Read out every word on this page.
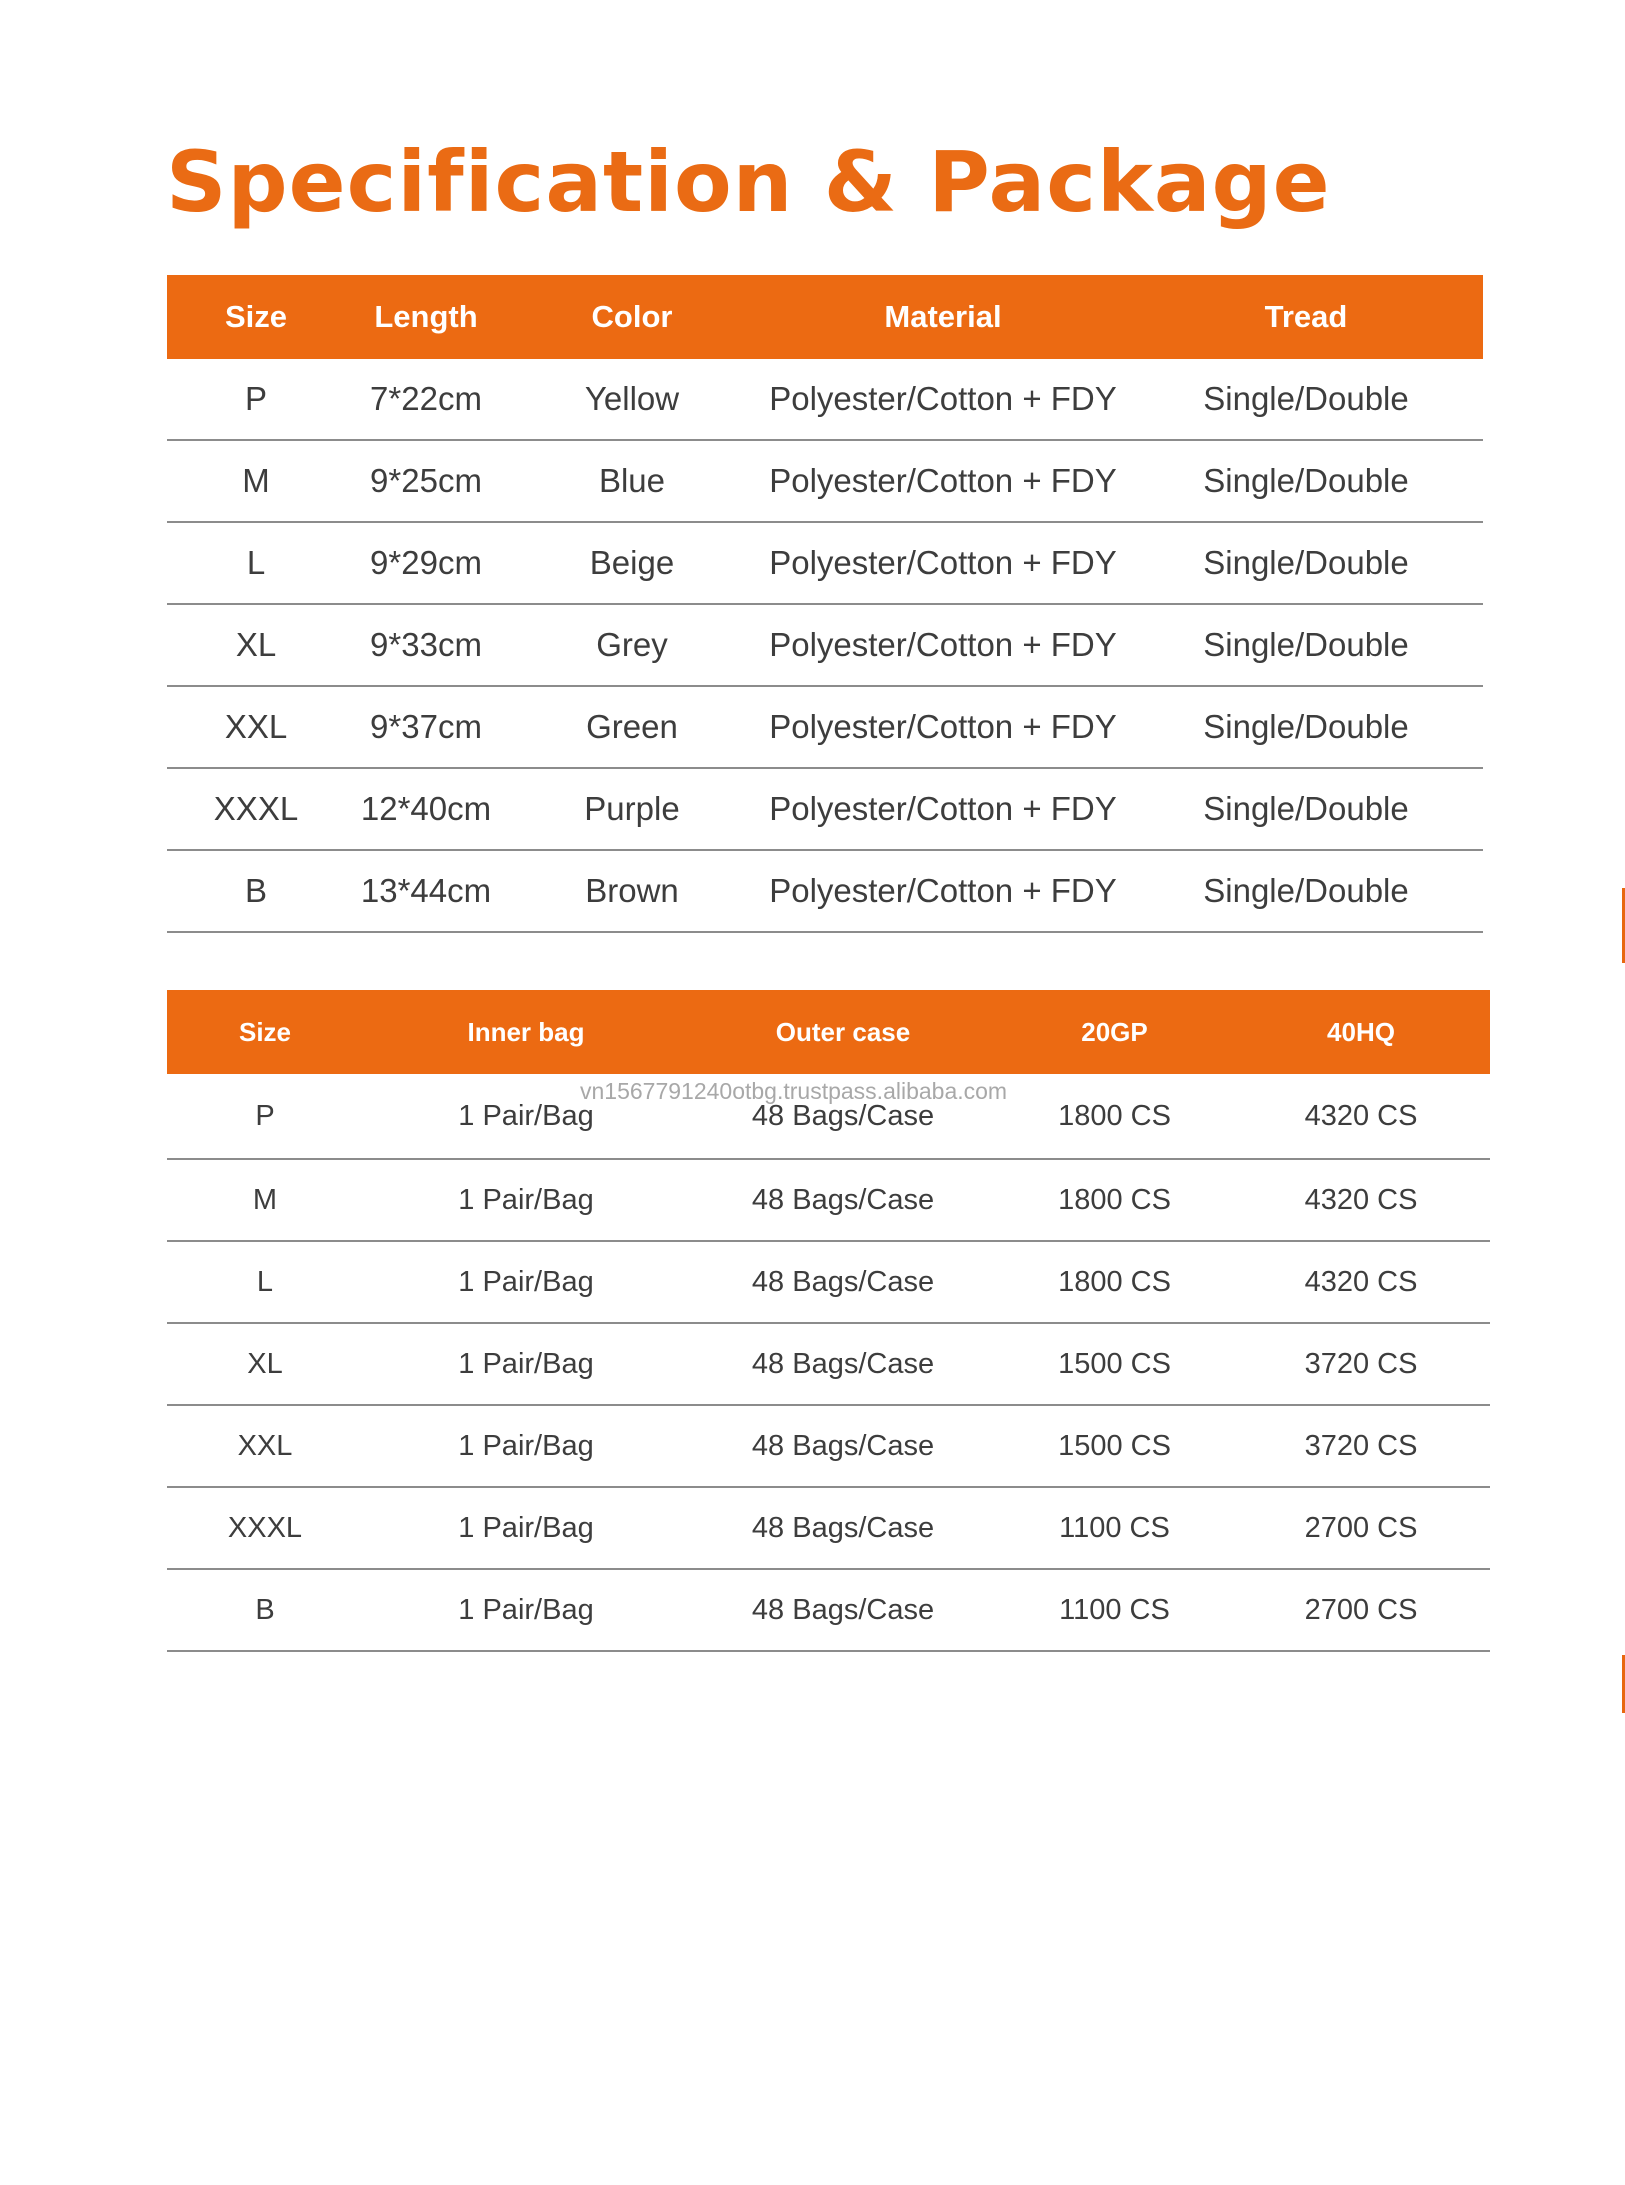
Specification & Package
Size	Length	Color	Material	Tread
P	7*22cm	Yellow	Polyester/Cotton + FDY	Single/Double
M	9*25cm	Blue	Polyester/Cotton + FDY	Single/Double
L	9*29cm	Beige	Polyester/Cotton + FDY	Single/Double
XL	9*33cm	Grey	Polyester/Cotton + FDY	Single/Double
XXL	9*37cm	Green	Polyester/Cotton + FDY	Single/Double
XXXL	12*40cm	Purple	Polyester/Cotton + FDY	Single/Double
B	13*44cm	Brown	Polyester/Cotton + FDY	Single/Double
Size	Inner bag	Outer case	20GP	40HQ
P	1 Pair/Bag	48 Bags/Case	1800 CS	4320 CS
M	1 Pair/Bag	48 Bags/Case	1800 CS	4320 CS
L	1 Pair/Bag	48 Bags/Case	1800 CS	4320 CS
XL	1 Pair/Bag	48 Bags/Case	1500 CS	3720 CS
XXL	1 Pair/Bag	48 Bags/Case	1500 CS	3720 CS
XXXL	1 Pair/Bag	48 Bags/Case	1100 CS	2700 CS
B	1 Pair/Bag	48 Bags/Case	1100 CS	2700 CS
vn1567791240otbg.trustpass.alibaba.com
